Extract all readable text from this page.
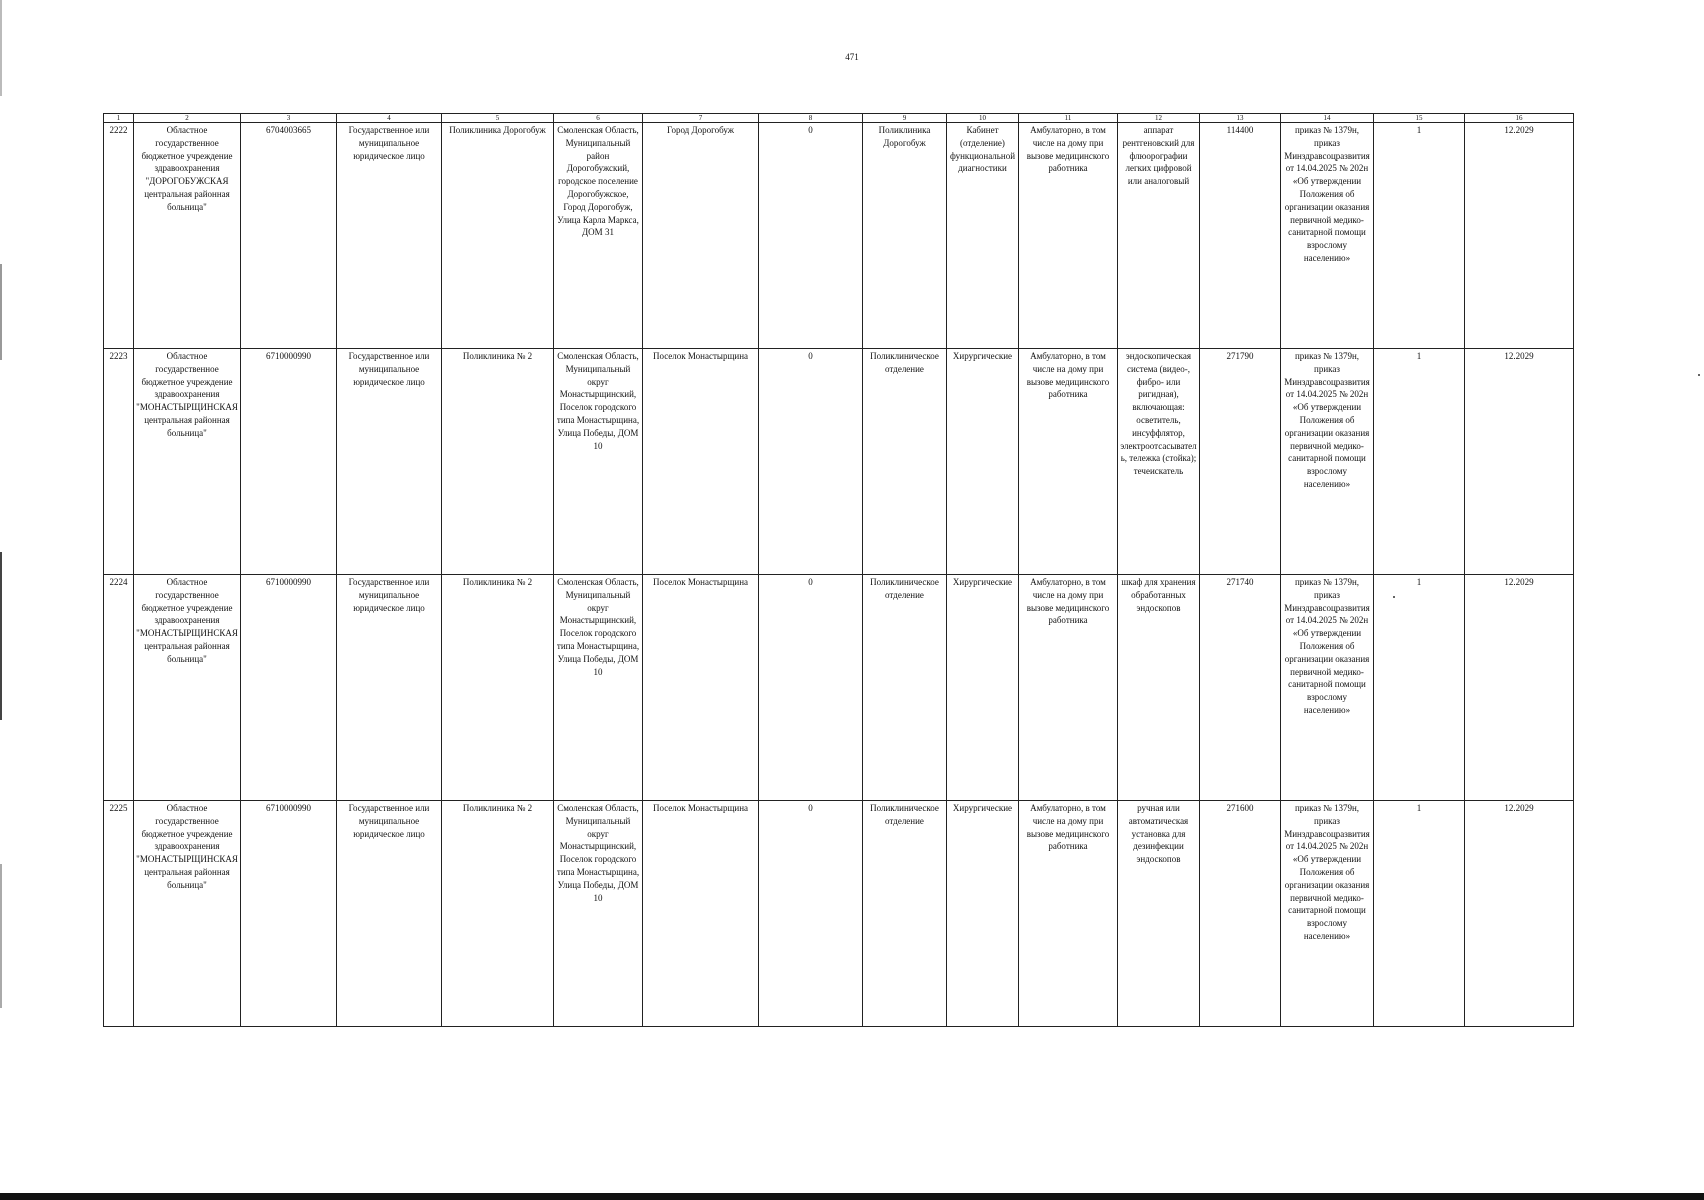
471
1	2	3	4	5	6	7	8	9	10	11	12	13	14	15	16
2222	Областное государственное бюджетное учреждение здравоохранения "ДОРОГОБУЖСКАЯ центральная районная больница"	6704003665	Государственное или муниципальное юридическое лицо	Поликлиника Дорогобуж	Смоленская Область, Муниципальный район Дорогобужский, городское поселение Дорогобужское, Город Дорогобуж, Улица Карла Маркса, ДОМ 31	Город Дорогобуж	0	Поликлиника Дорогобуж	Кабинет (отделение) функциональной диагностики	Амбулаторно, в том числе на дому при вызове медицинского работника	аппарат рентгеновский для флюорографии легких цифровой или аналоговый	114400	приказ № 1379н, приказ Минздравсоцразвития от 14.04.2025 № 202н «Об утверждении Положения об организации оказания первичной медико-санитарной помощи взрослому населению»	1	12.2029
2223	Областное государственное бюджетное учреждение здравоохранения "МОНАСТЫРЩИНСКАЯ центральная районная больница"	6710000990	Государственное или муниципальное юридическое лицо	Поликлиника № 2	Смоленская Область, Муниципальный округ Монастырщинский, Поселок городского типа Монастырщина, Улица Победы, ДОМ 10	Поселок Монастырщина	0	Поликлиническое отделение	Хирургические	Амбулаторно, в том числе на дому при вызове медицинского работника	эндоскопическая система (видео-, фибро- или ригидная), включающая: осветитель, инсуффлятор, электроотсасыватель, тележка (стойка); течеискатель	271790	приказ № 1379н, приказ Минздравсоцразвития от 14.04.2025 № 202н «Об утверждении Положения об организации оказания первичной медико-санитарной помощи взрослому населению»	1	12.2029
2224	Областное государственное бюджетное учреждение здравоохранения "МОНАСТЫРЩИНСКАЯ центральная районная больница"	6710000990	Государственное или муниципальное юридическое лицо	Поликлиника № 2	Смоленская Область, Муниципальный округ Монастырщинский, Поселок городского типа Монастырщина, Улица Победы, ДОМ 10	Поселок Монастырщина	0	Поликлиническое отделение	Хирургические	Амбулаторно, в том числе на дому при вызове медицинского работника	шкаф для хранения обработанных эндоскопов	271740	приказ № 1379н, приказ Минздравсоцразвития от 14.04.2025 № 202н «Об утверждении Положения об организации оказания первичной медико-санитарной помощи взрослому населению»	1	12.2029
2225	Областное государственное бюджетное учреждение здравоохранения "МОНАСТЫРЩИНСКАЯ центральная районная больница"	6710000990	Государственное или муниципальное юридическое лицо	Поликлиника № 2	Смоленская Область, Муниципальный округ Монастырщинский, Поселок городского типа Монастырщина, Улица Победы, ДОМ 10	Поселок Монастырщина	0	Поликлиническое отделение	Хирургические	Амбулаторно, в том числе на дому при вызове медицинского работника	ручная или автоматическая установка для дезинфекции эндоскопов	271600	приказ № 1379н, приказ Минздравсоцразвития от 14.04.2025 № 202н «Об утверждении Положения об организации оказания первичной медико-санитарной помощи взрослому населению»	1	12.2029
